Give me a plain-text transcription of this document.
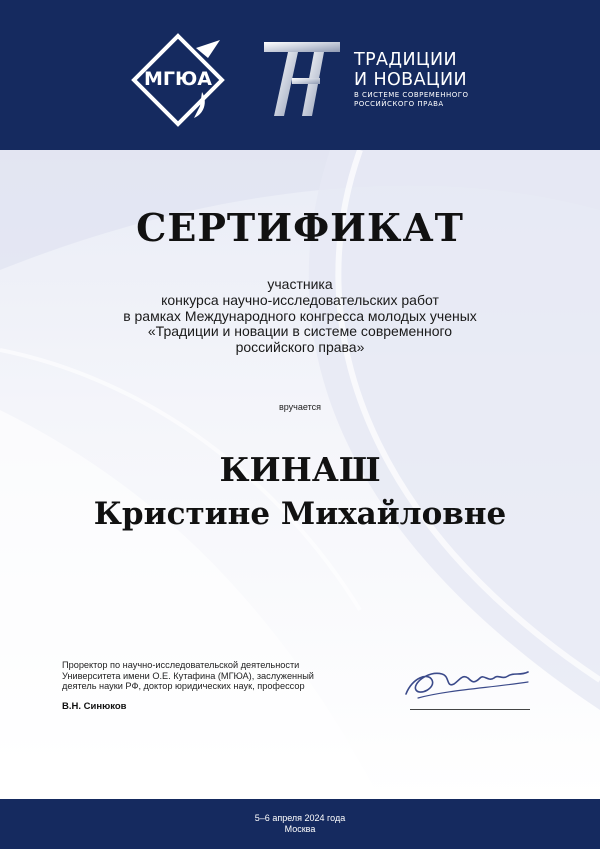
МГЮА
ТРАДИЦИИ
И НОВАЦИИ
В СИСТЕМЕ СОВРЕМЕННОГО
РОССИЙСКОГО ПРАВА
СЕРТИФИКАТ
участника
конкурса научно-исследовательских работ
в рамках Международного конгресса молодых ученых
«Традиции и новации в системе современного
российского права»
вручается
КИНАШ
Кристине Михайловне
Проректор по научно-исследовательской деятельности
Университета имени О.Е. Кутафина (МГЮА), заслуженный
деятель науки РФ, доктор юридических наук, профессор
В.Н. Синюков
5–6 апреля 2024 года
Москва
